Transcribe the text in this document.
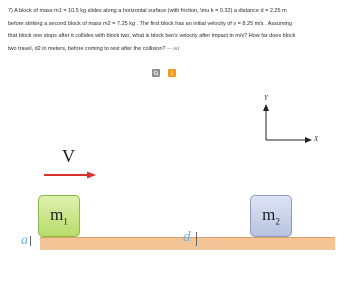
7) A block of mass m1 = 10.5 kg slides along a horizontal surface (with friction, \mu k = 0.32) a distance d = 2.25 m
before striking a second block of mass m2 = 7.25 kg . The first block has an initial velocity of v = 8.25 m/s . Assuming
that block one stops after it collides with block two, what is block two's velocity after impact in m/s? How far does block
two travel, d2 in meters, before coming to rest after the collision? — m1
Y
X
V
$m_1$	$m_2$
a	d
